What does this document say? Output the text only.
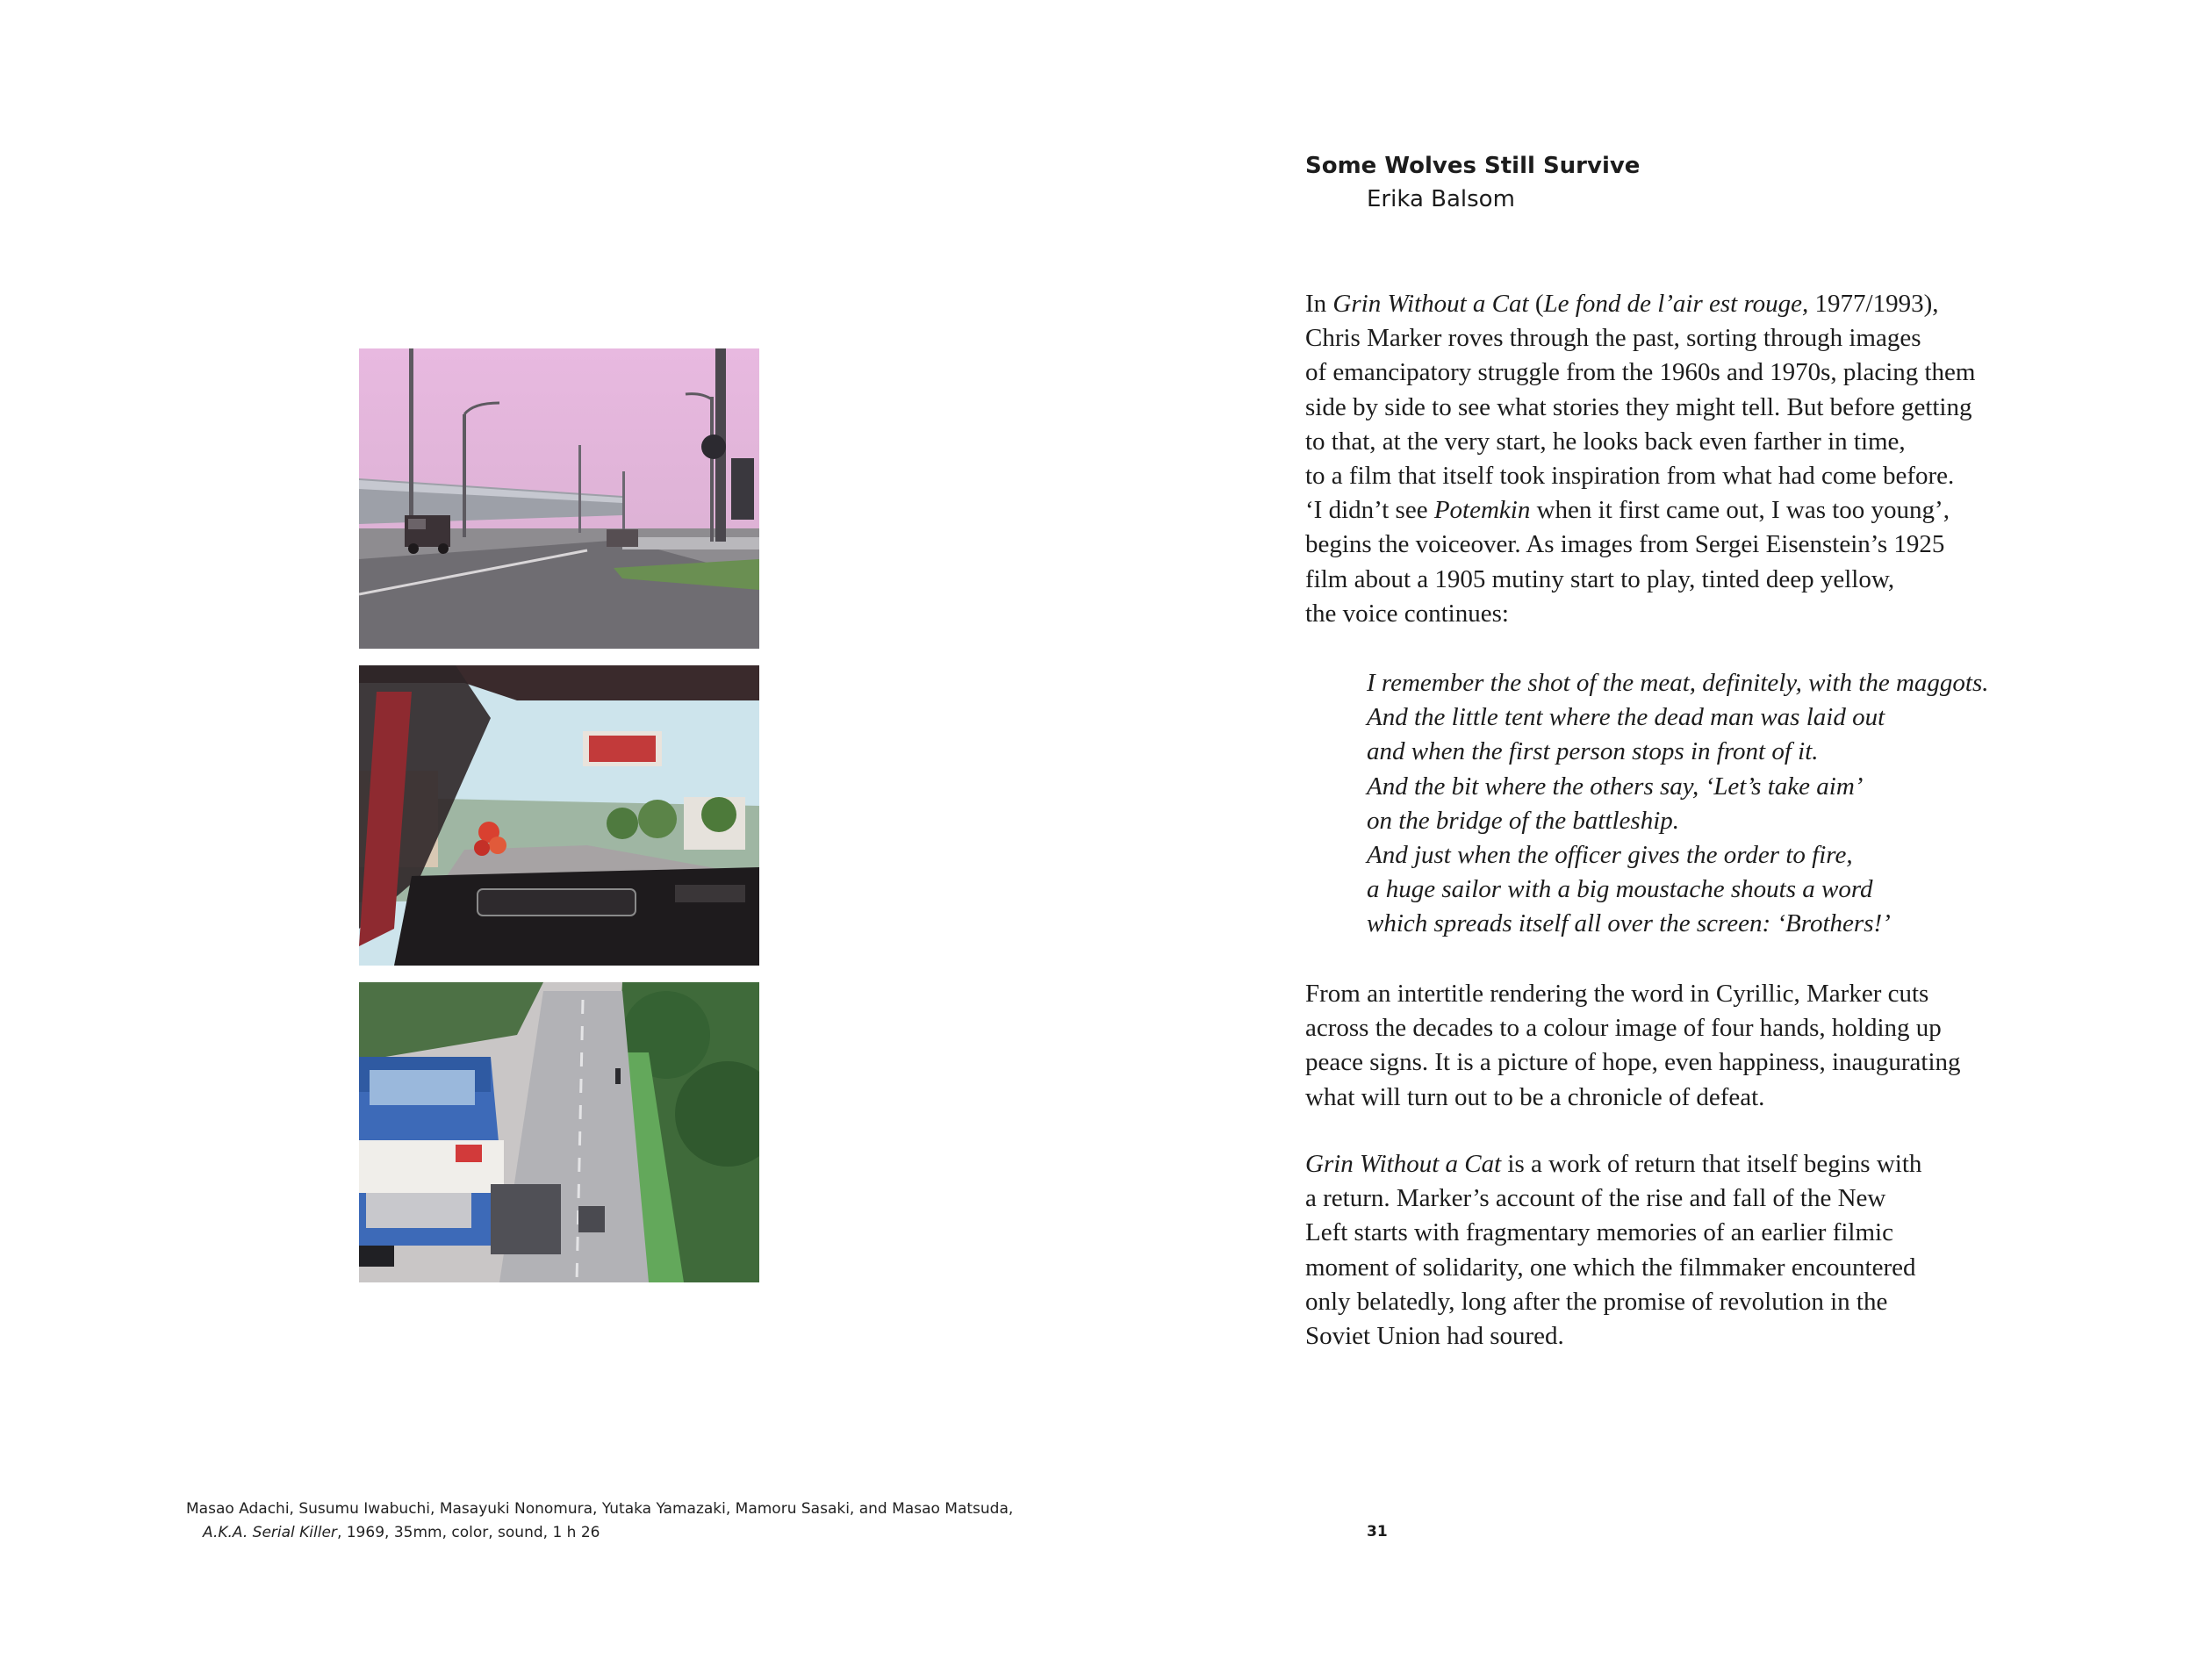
Masao Adachi, Susumu Iwabuchi, Masayuki Nonomura, Yutaka Yamazaki, Mamoru Sasaki, and Masao Matsuda,
A.K.A. Serial Killer, 1969, 35mm, color, sound, 1 h 26
Some Wolves Still Survive
Erika Balsom
In Grin Without a Cat (Le fond de l’air est rouge, 1977/1993),
Chris Marker roves through the past, sorting through images
of emancipatory struggle from the 1960s and 1970s, placing them
side by side to see what stories they might tell. But before getting
to that, at the very start, he looks back even farther in time,
to a film that itself took inspiration from what had come before.
‘I didn’t see Potemkin when it first came out, I was too young’,
begins the voiceover. As images from Sergei Eisenstein’s 1925
film about a 1905 mutiny start to play, tinted deep yellow,
the voice continues:
I remember the shot of the meat, definitely, with the maggots.
And the little tent where the dead man was laid out
and when the first person stops in front of it.
And the bit where the others say, ‘Let’s take aim’
on the bridge of the battleship.
And just when the officer gives the order to fire,
a huge sailor with a big moustache shouts a word
which spreads itself all over the screen: ‘Brothers!’
From an intertitle rendering the word in Cyrillic, Marker cuts
across the decades to a colour image of four hands, holding up
peace signs. It is a picture of hope, even happiness, inaugurating
what will turn out to be a chronicle of defeat.
Grin Without a Cat is a work of return that itself begins with
a return. Marker’s account of the rise and fall of the New
Left starts with fragmentary memories of an earlier filmic
moment of solidarity, one which the filmmaker encountered
only belatedly, long after the promise of revolution in the
Soviet Union had soured.
31
